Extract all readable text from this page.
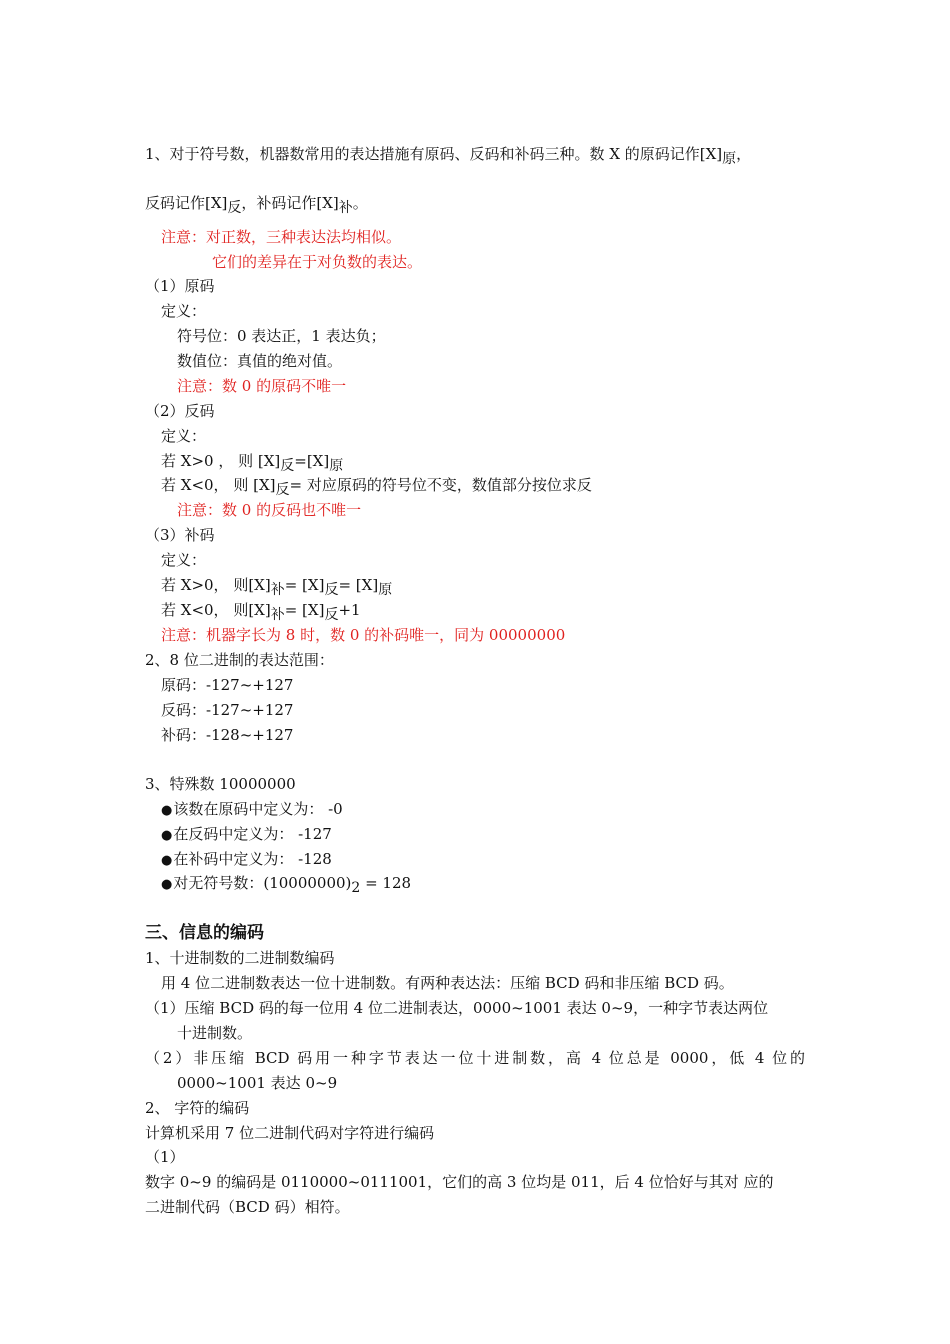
1、对于符号数，机器数常用的表达措施有原码、反码和补码三种。数 X 的原码记作[X]原，
反码记作[X]反，补码记作[X]补。
注意：对正数，三种表达法均相似。
它们的差异在于对负数的表达。
（1）原码
定义：
符号位：0 表达正，1 表达负；
数值位：真值的绝对值。
注意：数 0 的原码不唯一
（2）反码
定义：
若 X>0 ， 则 [X]反=[X]原
若 X<0， 则 [X]反= 对应原码的符号位不变，数值部分按位求反
注意：数 0 的反码也不唯一
（3）补码
定义：
若 X>0， 则[X]补= [X]反= [X]原
若 X<0， 则[X]补= [X]反+1
注意：机器字长为 8 时，数 0 的补码唯一，同为 00000000
2、8 位二进制的表达范围：
原码：-127~+127
反码：-127~+127
补码：-128~+127
3、特殊数 10000000
●该数在原码中定义为： -0
●在反码中定义为： -127
●在补码中定义为： -128
●对无符号数：(10000000)2 = 128
三、信息的编码
1、十进制数的二进制数编码
用 4 位二进制数表达一位十进制数。有两种表达法：压缩 BCD 码和非压缩 BCD 码。
（1）压缩 BCD 码的每一位用 4 位二进制表达，0000~1001 表达 0~9，一种字节表达两位
十进制数。
（2）非压缩 BCD 码用一种字节表达一位十进制数，高 4 位总是 0000，低 4 位的
0000~1001 表达 0~9
2、 字符的编码
计算机采用 7 位二进制代码对字符进行编码
（1）
数字 0~9 的编码是 0110000~0111001，它们的高 3 位均是 011，后 4 位恰好与其对 应的
二进制代码（BCD 码）相符。
